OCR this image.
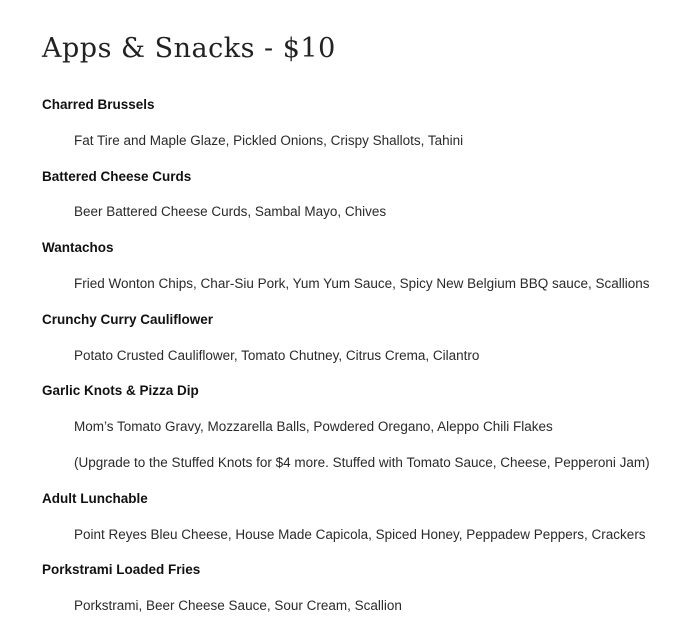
Apps & Snacks - $10

Charred Brussels

Fat Tire and Maple Glaze, Pickled Onions, Crispy Shallots, Tahini

Battered Cheese Curds

Beer Battered Cheese Curds, Sambal Mayo, Chives

Wantachos

Fried Wonton Chips, Char-Siu Pork, Yum Yum Sauce, Spicy New Belgium BBQ sauce, Scallions

Crunchy Curry Cauliflower

Potato Crusted Cauliflower, Tomato Chutney, Citrus Crema, Cilantro

Garlic Knots & Pizza Dip

Mom’s Tomato Gravy, Mozzarella Balls, Powdered Oregano, Aleppo Chili Flakes

(Upgrade to the Stuffed Knots for $4 more. Stuffed with Tomato Sauce, Cheese, Pepperoni Jam)

Adult Lunchable

Point Reyes Bleu Cheese, House Made Capicola, Spiced Honey, Peppadew Peppers, Crackers

Porkstrami Loaded Fries

Porkstrami, Beer Cheese Sauce, Sour Cream, Scallion
